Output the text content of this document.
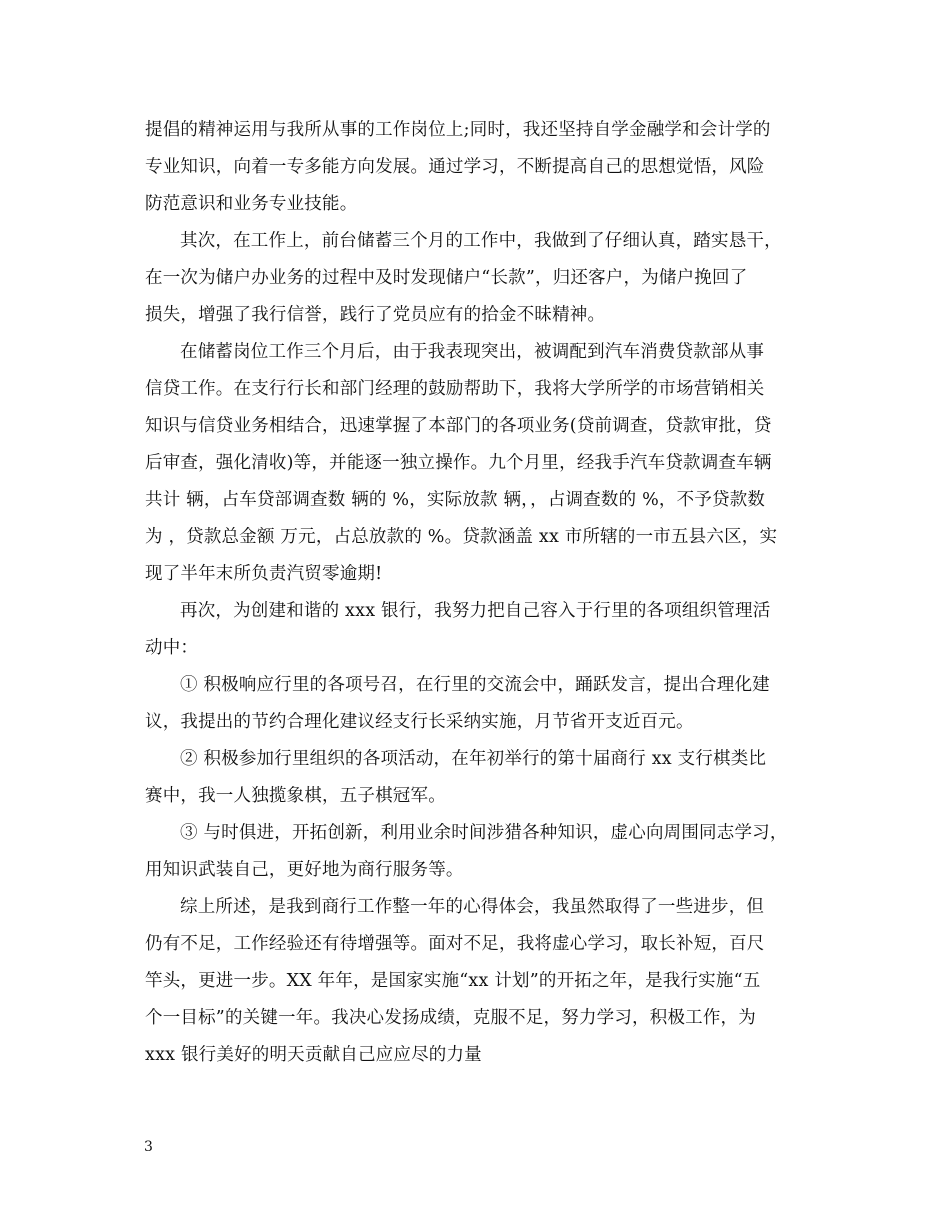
提倡的精神运用与我所从事的工作岗位上;同时，我还坚持自学金融学和会计学的
专业知识，向着一专多能方向发展。通过学习，不断提高自己的思想觉悟，风险
防范意识和业务专业技能。
其次，在工作上，前台储蓄三个月的工作中，我做到了仔细认真，踏实恳干，
在一次为储户办业务的过程中及时发现储户“长款”，归还客户，为储户挽回了
损失，增强了我行信誉，践行了党员应有的拾金不昧精神。
在储蓄岗位工作三个月后，由于我表现突出，被调配到汽车消费贷款部从事
信贷工作。在支行行长和部门经理的鼓励帮助下，我将大学所学的市场营销相关
知识与信贷业务相结合，迅速掌握了本部门的各项业务(贷前调查，贷款审批，贷
后审查，强化清收)等，并能逐一独立操作。九个月里，经我手汽车贷款调查车辆
共计 辆，占车贷部调查数 辆的 %，实际放款 辆，，占调查数的 %，不予贷款数
为 ，贷款总金额 万元，占总放款的 %。贷款涵盖 xx 市所辖的一市五县六区，实
现了半年末所负责汽贸零逾期!
再次，为创建和谐的 xxx 银行，我努力把自己容入于行里的各项组织管理活
动中：
① 积极响应行里的各项号召，在行里的交流会中，踊跃发言，提出合理化建
议，我提出的节约合理化建议经支行长采纳实施，月节省开支近百元。
② 积极参加行里组织的各项活动，在年初举行的第十届商行 xx 支行棋类比
赛中，我一人独揽象棋，五子棋冠军。
③ 与时俱进，开拓创新，利用业余时间涉猎各种知识，虚心向周围同志学习，
用知识武装自己，更好地为商行服务等。
综上所述，是我到商行工作整一年的心得体会，我虽然取得了一些进步，但
仍有不足，工作经验还有待增强等。面对不足，我将虚心学习，取长补短，百尺
竿头，更进一步。XX 年年，是国家实施“xx 计划”的开拓之年，是我行实施“五
个一目标”的关键一年。我决心发扬成绩，克服不足，努力学习，积极工作，为
xxx 银行美好的明天贡献自己应应尽的力量
3
